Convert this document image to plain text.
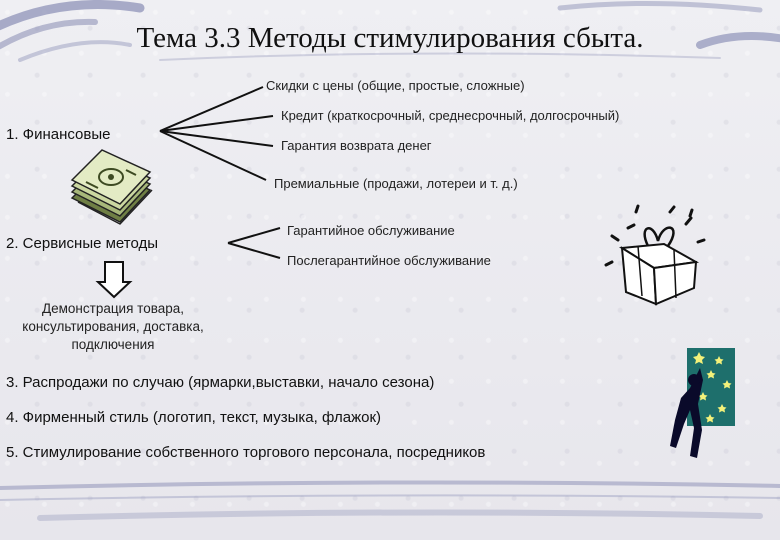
Тема 3.3 Методы стимулирования сбыта.
1. Финансовые
Скидки с цены (общие, простые, сложные)
Кредит (краткосрочный, среднесрочный, долгосрочный)
Гарантия возврата денег
Премиальные (продажи, лотереи и т. д.)
2. Сервисные методы
Гарантийное обслуживание
Послегарантийное обслуживание
Демонстрация товара, консультирования, доставка, подключения
3. Распродажи по случаю (ярмарки,выставки, начало сезона)
4. Фирменный стиль (логотип, текст, музыка, флажок)
5. Стимулирование собственного торгового персонала, посредников
